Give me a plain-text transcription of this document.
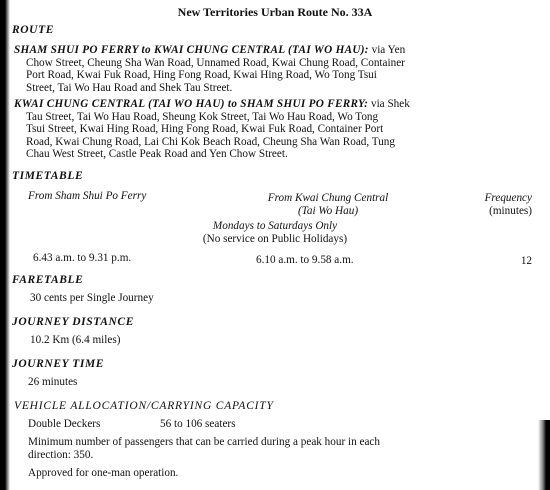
New Territories Urban Route No. 33A
ROUTE
SHAM SHUI PO FERRY to KWAI CHUNG CENTRAL (TAI WO HAU): via Yen
Chow Street, Cheung Sha Wan Road, Unnamed Road, Kwai Chung Road, Container
Port Road, Kwai Fuk Road, Hing Fong Road, Kwai Hing Road, Wo Tong Tsui
Street, Tai Wo Hau Road and Shek Tau Street.
KWAI CHUNG CENTRAL (TAI WO HAU) to SHAM SHUI PO FERRY: via Shek
Tau Street, Tai Wo Hau Road, Sheung Kok Street, Tai Wo Hau Road, Wo Tong
Tsui Street, Kwai Hing Road, Hing Fong Road, Kwai Fuk Road, Container Port
Road, Kwai Chung Road, Lai Chi Kok Beach Road, Cheung Sha Wan Road, Tung
Chau West Street, Castle Peak Road and Yen Chow Street.
TIMETABLE
From Sham Shui Po Ferry	From Kwai Chung Central
(Tai Wo Hau)
Frequency
(minutes)
Mondays to Saturdays Only
(No service on Public Holidays)
6.43 a.m. to 9.31 p.m.	6.10 a.m. to 9.58 a.m.	12
FARETABLE
30 cents per Single Journey
JOURNEY DISTANCE
10.2 Km (6.4 miles)
JOURNEY TIME
26 minutes
VEHICLE ALLOCATION/CARRYING CAPACITY
Double Deckers	56 to 106 seaters
Minimum number of passengers that can be carried during a peak hour in each
direction: 350.
Approved for one-man operation.
